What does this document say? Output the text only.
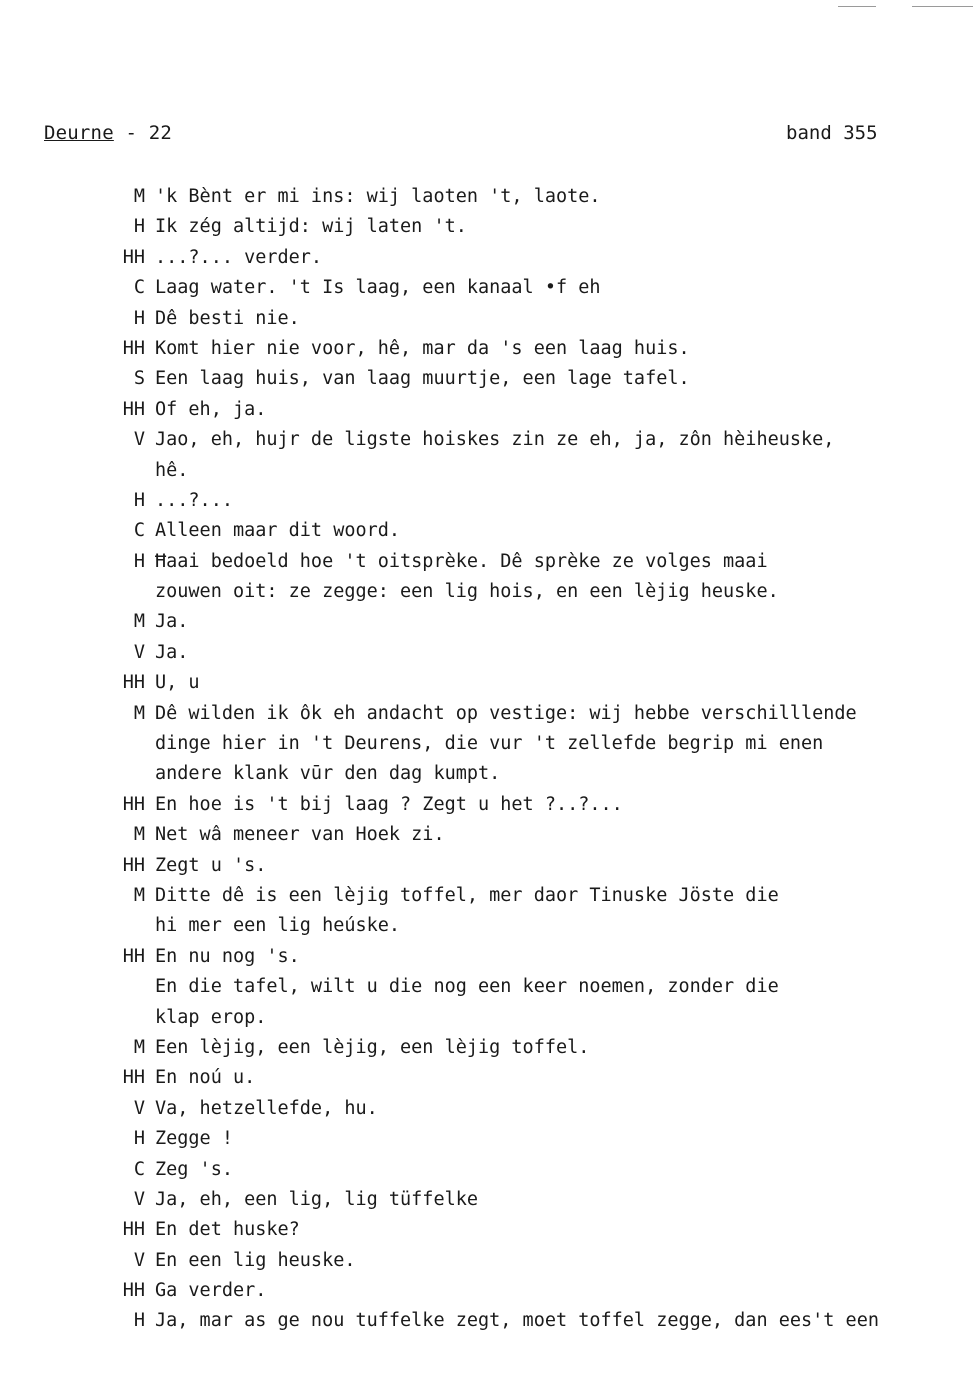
Deurne - 22	band 355
M 'k Bènt er mi ins: wij laoten 't, laote.
H Ik zég altijd: wij laten 't.
HH ...?... verder.
C Laag water. 't Is laag, een kanaal •f eh
H Dê besti nie.
HH Komt hier nie voor, hê, mar da 's een laag huis.
S Een laag huis, van laag muurtje, een lage tafel.
HH Of eh, ja.
V Jao, eh, hujr de ligste hoiskes zin ze eh, ja, zôn hèiheuske,
hê.
H ...?...
C Alleen maar dit woord.
H Ħaai bedoeld hoe 't oitsprèke. Dê sprèke ze volges maai
zouwen oit: ze zegge: een lig hois, en een lèjig heuske.
M Ja.
V Ja.
HH U, u
M Dê wilden ik ôk eh andacht op vestige: wij hebbe verschilllende
dinge hier in 't Deurens, die vur 't zellefde begrip mi enen
andere klank vūr den dag kumpt.
HH En hoe is 't bij laag ? Zegt u het ?..?...
M Net wâ meneer van Hoek zi.
HH Zegt u 's.
M Ditte dê is een lèjig toffel, mer daor Tinuske Jöste die
hi mer een lig heúske.
HH En nu nog 's.
En die tafel, wilt u die nog een keer noemen, zonder die
klap erop.
M Een lèjig, een lèjig, een lèjig toffel.
HH En noú u.
V Va, hetzellefde, hu.
H Zegge !
C Zeg 's.
V Ja, eh, een lig, lig tüffelke
HH En det huske?
V En een lig heuske.
HH Ga verder.
H Ja, mar as ge nou tuffelke zegt, moet toffel zegge, dan ees't een
